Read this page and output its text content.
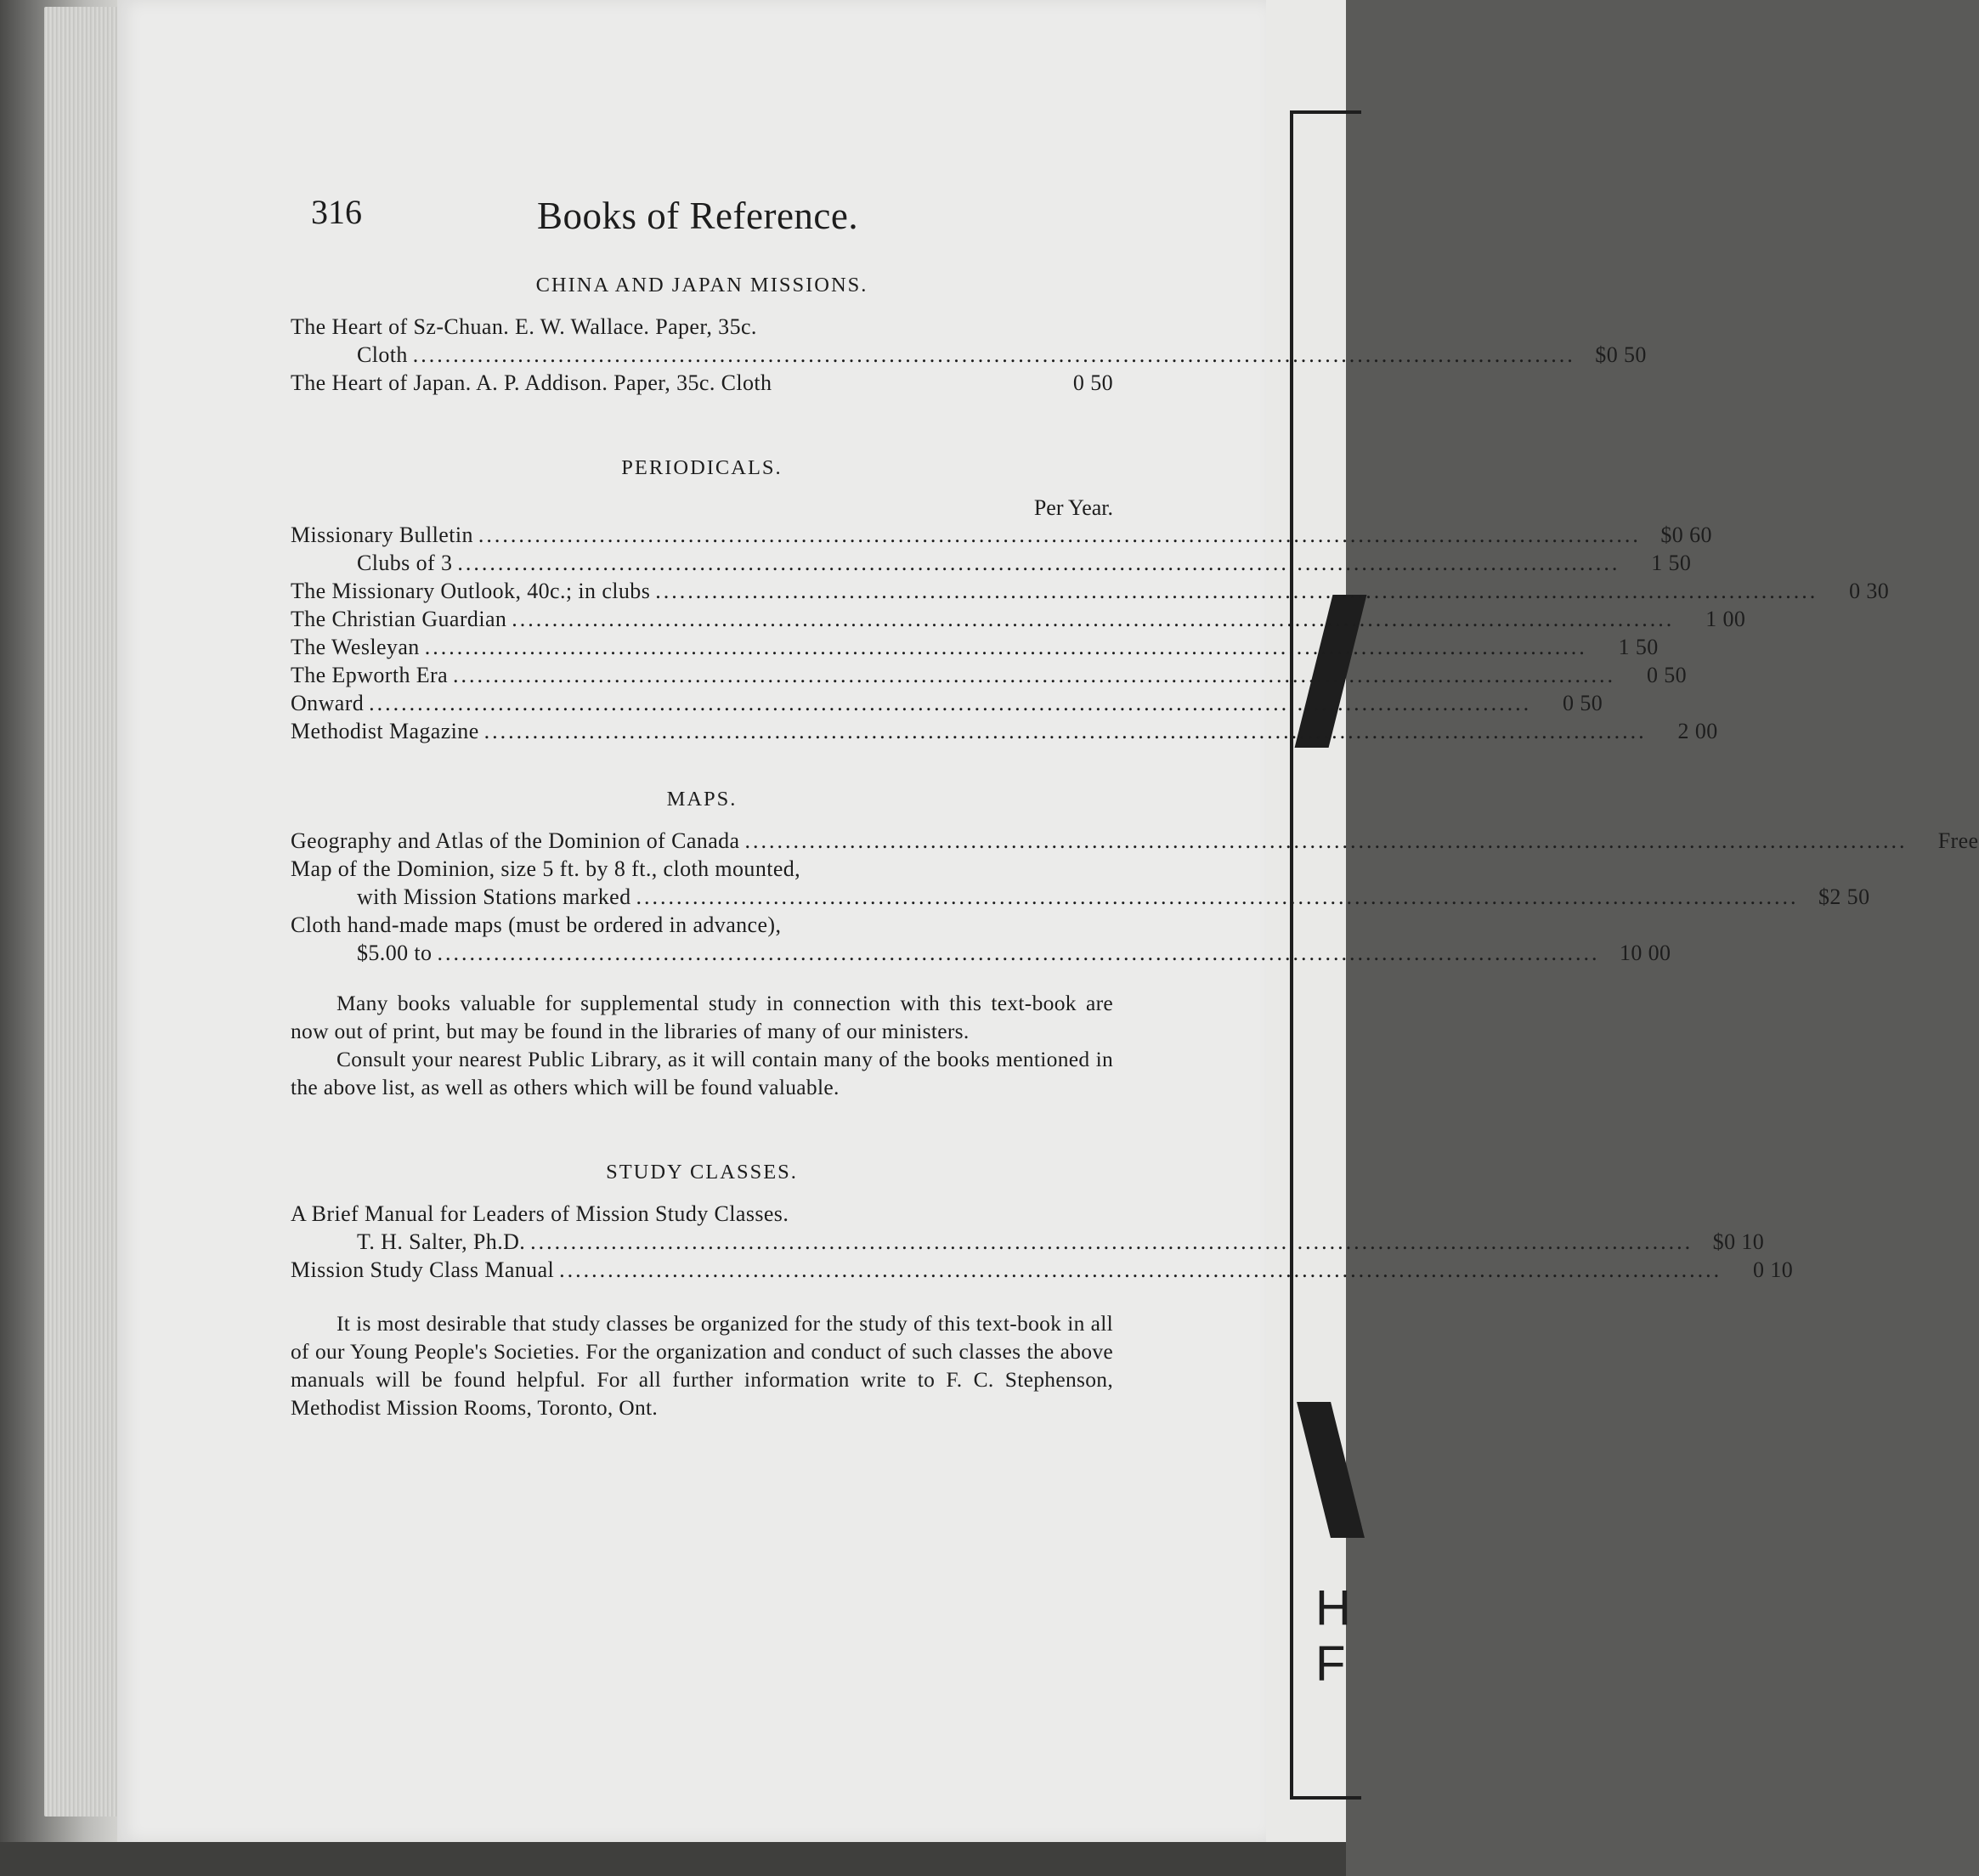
H
F
316	Books of Reference.
CHINA AND JAPAN MISSIONS.
The Heart of Sz-Chuan. E. W. Wallace. Paper, 35c.
Cloth .....	$0 50
The Heart of Japan. A. P. Addison. Paper, 35c. Cloth	0 50
PERIODICALS.
Per Year.
Missionary Bulletin .....	$0 60
Clubs of 3 .....	1 50
The Missionary Outlook, 40c.; in clubs .....	0 30
The Christian Guardian .....	1 00
The Wesleyan .....	1 50
The Epworth Era .....	0 50
Onward .....	0 50
Methodist Magazine .....	2 00
MAPS.
Geography and Atlas of the Dominion of Canada .....	Free
Map of the Dominion, size 5 ft. by 8 ft., cloth mounted,
with Mission Stations marked .....	$2 50
Cloth hand-made maps (must be ordered in advance),
$5.00 to .....	10 00

Many books valuable for supplemental study in connection with this text-book are now out of print, but may be found in the libraries of many of our ministers.

Consult your nearest Public Library, as it will contain many of the books mentioned in the above list, as well as others which will be found valuable.

STUDY CLASSES.
A Brief Manual for Leaders of Mission Study Classes.
T. H. Salter, Ph.D. .....	$0 10
Mission Study Class Manual .....	0 10

It is most desirable that study classes be organized for the study of this text-book in all of our Young People's Societies. For the organization and conduct of such classes the above manuals will be found helpful. For all further information write to F. C. Stephenson, Methodist Mission Rooms, Toronto, Ont.
